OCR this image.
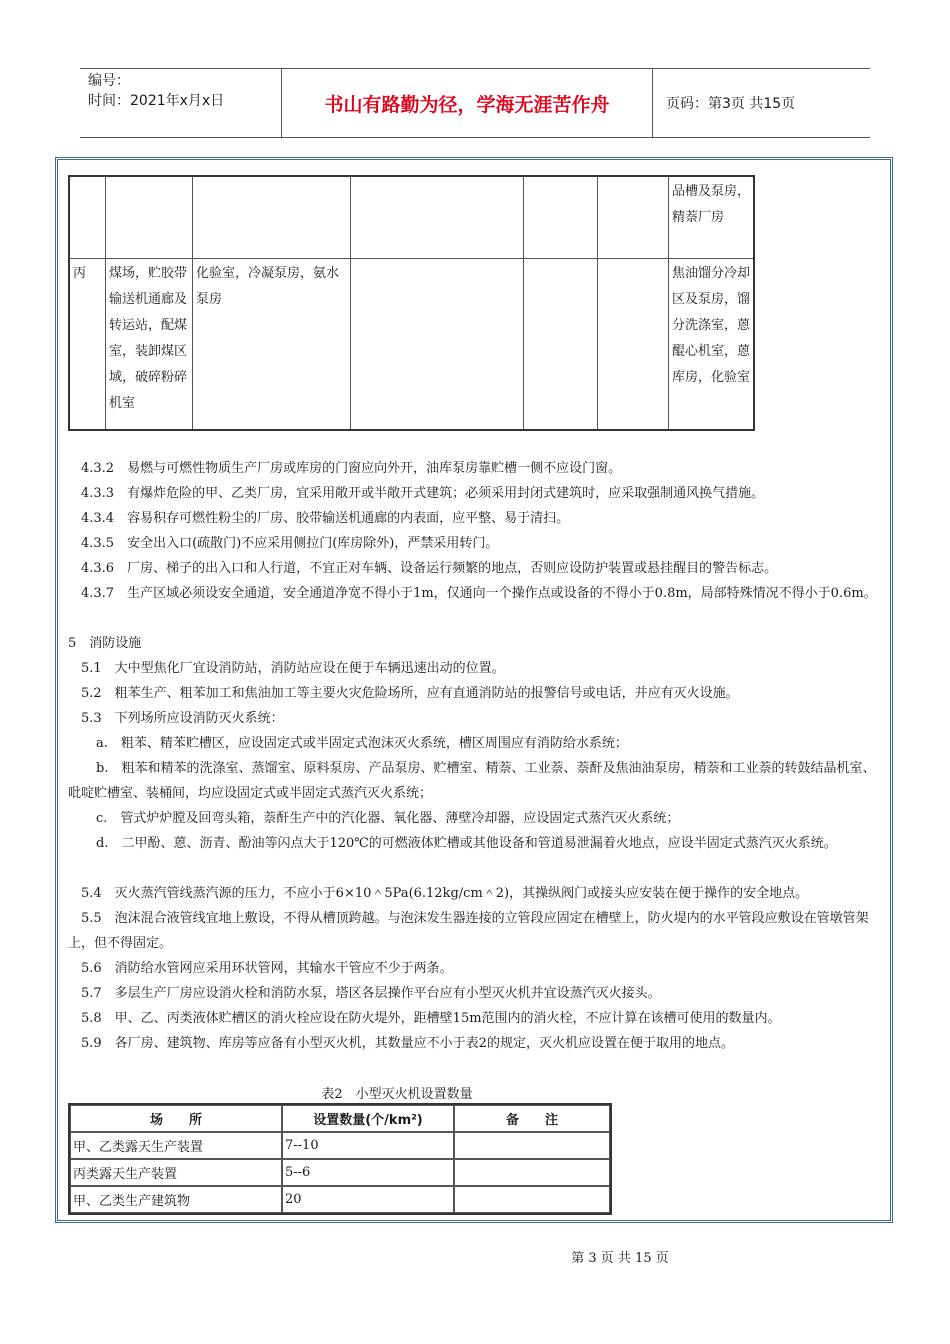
编号：
时间：2021年x月x日	书山有路勤为径，学海无涯苦作舟	页码：第3页 共15页
						品槽及泵房，精萘厂房
丙	煤场，贮胶带输送机通廊及转运站，配煤室，装卸煤区域，破碎粉碎机室	化验室，冷凝泵房，氨水泵房				焦油馏分冷却区及泵房，馏分洗涤室，蒽醌心机室，蒽库房，化验室
4.3.2　易燃与可燃性物质生产厂房或库房的门窗应向外开，油库泵房靠贮槽一侧不应设门窗。
4.3.3　有爆炸危险的甲、乙类厂房，宜采用敞开或半敞开式建筑；必须采用封闭式建筑时，应采取强制通风换气措施。
4.3.4　容易积存可燃性粉尘的厂房、胶带输送机通廊的内表面，应平整、易于清扫。
4.3.5　安全出入口(疏散门)不应采用侧拉门(库房除外)，严禁采用转门。
4.3.6　厂房、梯子的出入口和人行道，不宜正对车辆、设备运行频繁的地点，否则应设防护装置或悬挂醒目的警告标志。
4.3.7　生产区域必须设安全通道，安全通道净宽不得小于1m，仅通向一个操作点或设备的不得小于0.8m，局部特殊情况不得小于0.6m。
5　消防设施
5.1　大中型焦化厂宜设消防站，消防站应设在便于车辆迅速出动的位置。
5.2　粗苯生产、粗苯加工和焦油加工等主要火灾危险场所，应有直通消防站的报警信号或电话，并应有灭火设施。
5.3　下列场所应设消防灭火系统：
a.　粗苯、精苯贮槽区，应设固定式或半固定式泡沫灭火系统，槽区周围应有消防给水系统；
b.　粗苯和精苯的洗涤室、蒸馏室、原料泵房、产品泵房、贮槽室、精萘、工业萘、萘酐及焦油油泵房，精萘和工业萘的转鼓结晶机室、吡啶贮槽室、装桶间，均应设固定式或半固定式蒸汽灭火系统；
c.　管式炉炉膛及回弯头箱，萘酐生产中的汽化器、氧化器、薄壁冷却器，应设固定式蒸汽灭火系统；
d.　二甲酚、蒽、沥青、酚油等闪点大于120℃的可燃液体贮槽或其他设备和管道易泄漏着火地点，应设半固定式蒸汽灭火系统。
5.4　灭火蒸汽管线蒸汽源的压力，不应小于6×10＾5Pa(6.12kg/cm＾2)，其操纵阀门或接头应安装在便于操作的安全地点。
5.5　泡沫混合液管线宜地上敷设，不得从槽顶跨越。与泡沫发生器连接的立管段应固定在槽壁上，防火堤内的水平管段应敷设在管墩管架上，但不得固定。
5.6　消防给水管网应采用环状管网，其输水干管应不少于两条。
5.7　多层生产厂房应设消火栓和消防水泵，塔区各层操作平台应有小型灭火机并宜设蒸汽灭火接头。
5.8　甲、乙、丙类液体贮槽区的消火栓应设在防火堤外，距槽壁15m范围内的消火栓，不应计算在该槽可使用的数量内。
5.9　各厂房、建筑物、库房等应备有小型灭火机，其数量应不小于表2的规定，灭火机应设置在便于取用的地点。
表2　小型灭火机设置数量
场　　所	设置数量(个/km²)	备　　注
甲、乙类露天生产装置	7--10	
丙类露天生产装置	5--6	
甲、乙类生产建筑物	20	
第 3 页 共 15 页
